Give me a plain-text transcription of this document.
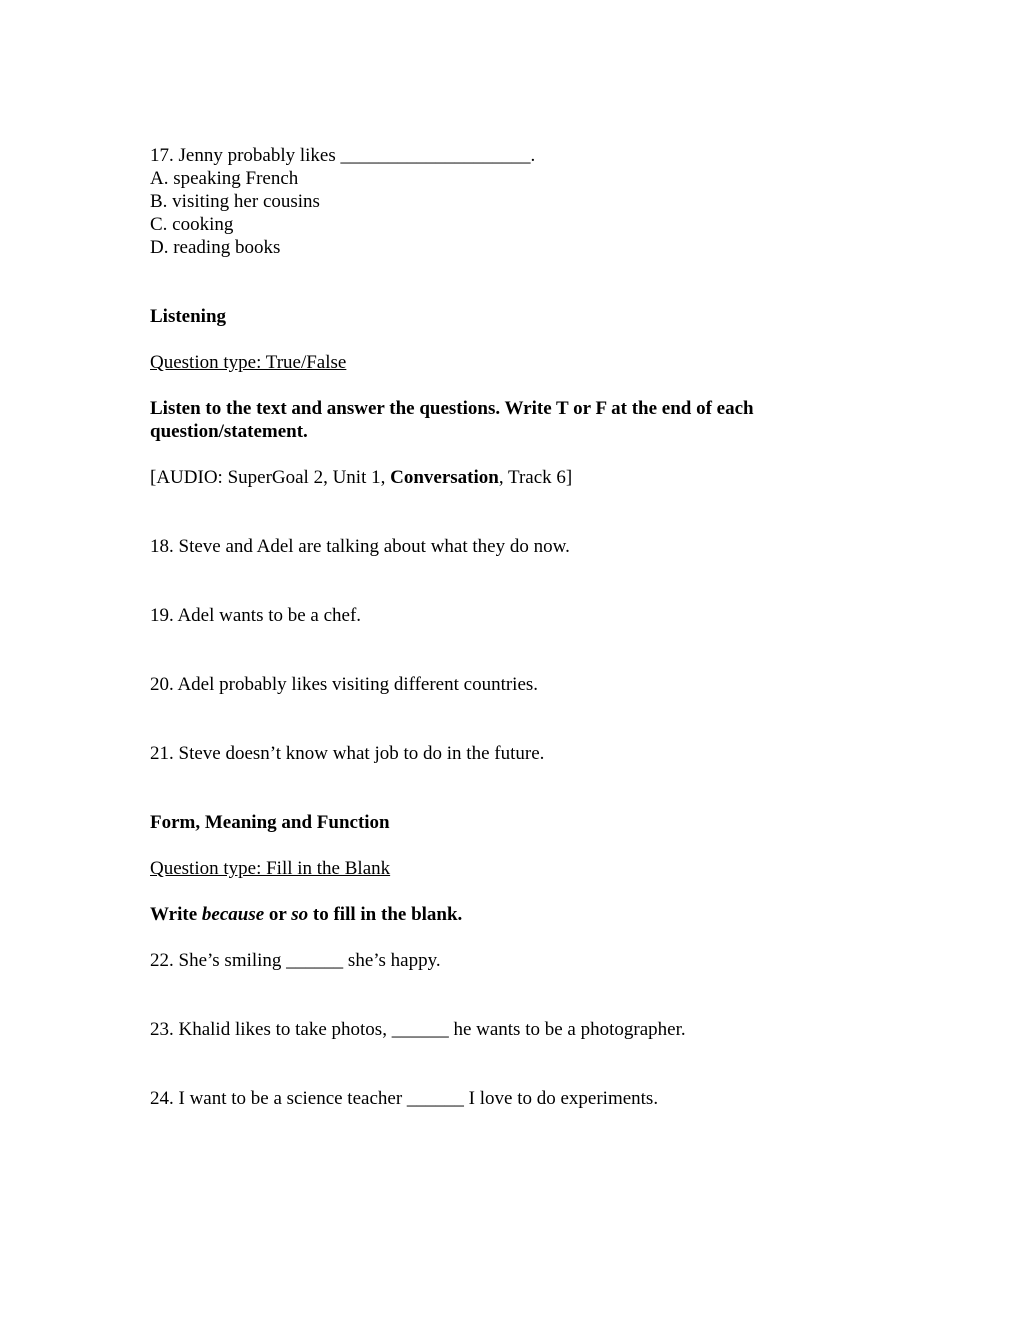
17. Jenny probably likes ____________________.
A. speaking French
B. visiting her cousins
C. cooking
D. reading books
Listening
Question type: True/False
Listen to the text and answer the questions. Write T or F at the end of each
question/statement.
[AUDIO: SuperGoal 2, Unit 1, Conversation, Track 6]
18. Steve and Adel are talking about what they do now.
19. Adel wants to be a chef.
20. Adel probably likes visiting different countries.
21. Steve doesn’t know what job to do in the future.
Form, Meaning and Function
Question type: Fill in the Blank
Write because or so to fill in the blank.
22. She’s smiling ______ she’s happy.
23. Khalid likes to take photos, ______ he wants to be a photographer.
24. I want to be a science teacher ______ I love to do experiments.
